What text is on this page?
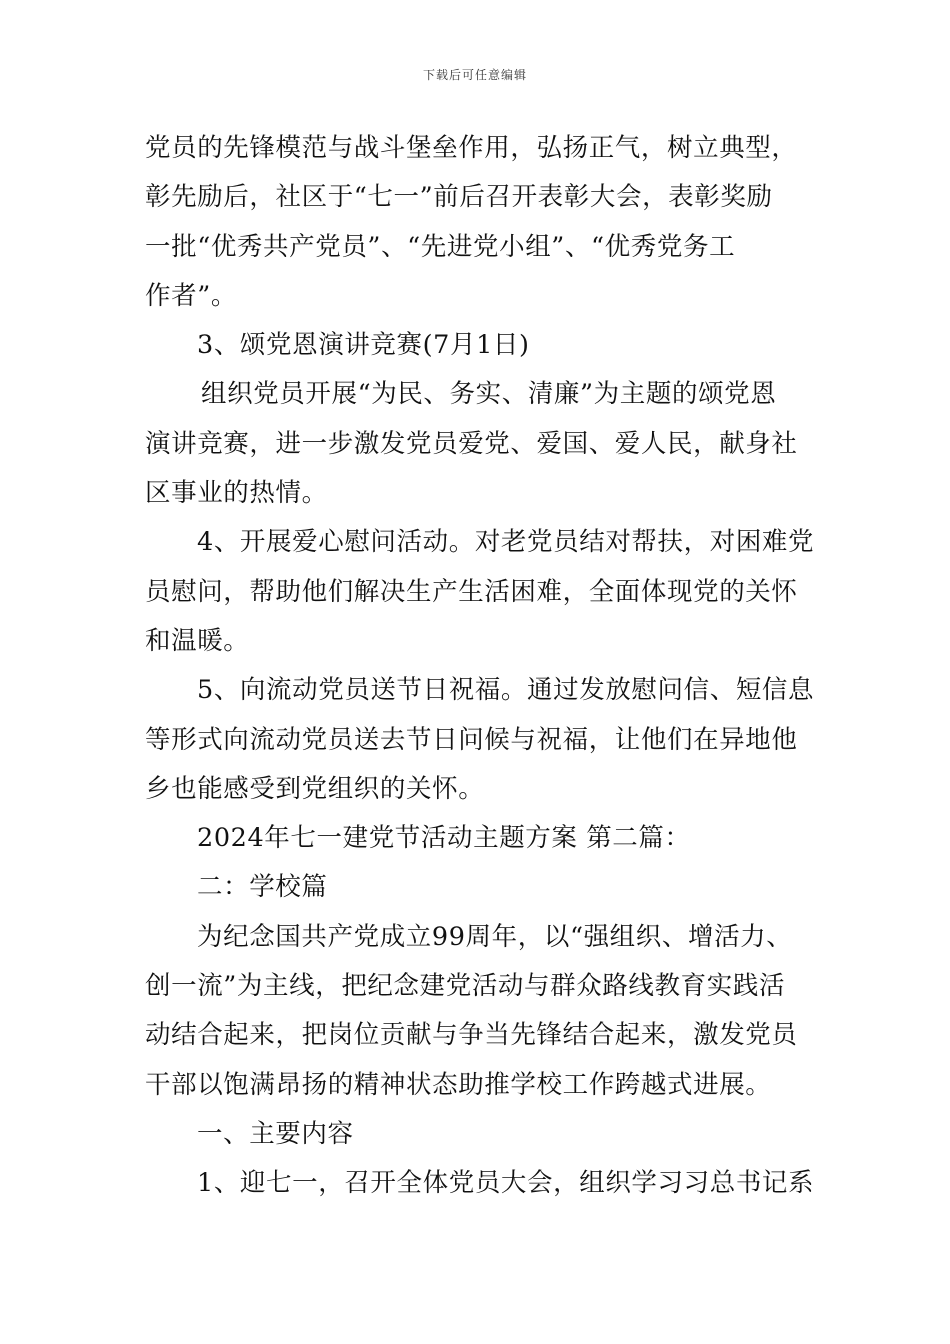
下载后可任意编辑
党员的先锋模范与战斗堡垒作用，弘扬正气，树立典型，
彰先励后，社区于“七一”前后召开表彰大会，表彰奖励
一批“优秀共产党员”、“先进党小组”、“优秀党务工
作者”。
3、颂党恩演讲竞赛(7月1日)
组织党员开展“为民、务实、清廉”为主题的颂党恩
演讲竞赛，进一步激发党员爱党、爱国、爱人民，献身社
区事业的热情。
4、开展爱心慰问活动。对老党员结对帮扶，对困难党
员慰问，帮助他们解决生产生活困难，全面体现党的关怀
和温暖。
5、向流动党员送节日祝福。通过发放慰问信、短信息
等形式向流动党员送去节日问候与祝福，让他们在异地他
乡也能感受到党组织的关怀。
2024年七一建党节活动主题方案 第二篇：
二：学校篇
为纪念国共产党成立99周年，以“强组织、增活力、
创一流”为主线，把纪念建党活动与群众路线教育实践活
动结合起来，把岗位贡献与争当先锋结合起来，激发党员
干部以饱满昂扬的精神状态助推学校工作跨越式进展。
一、主要内容
1、迎七一，召开全体党员大会，组织学习习总书记系
